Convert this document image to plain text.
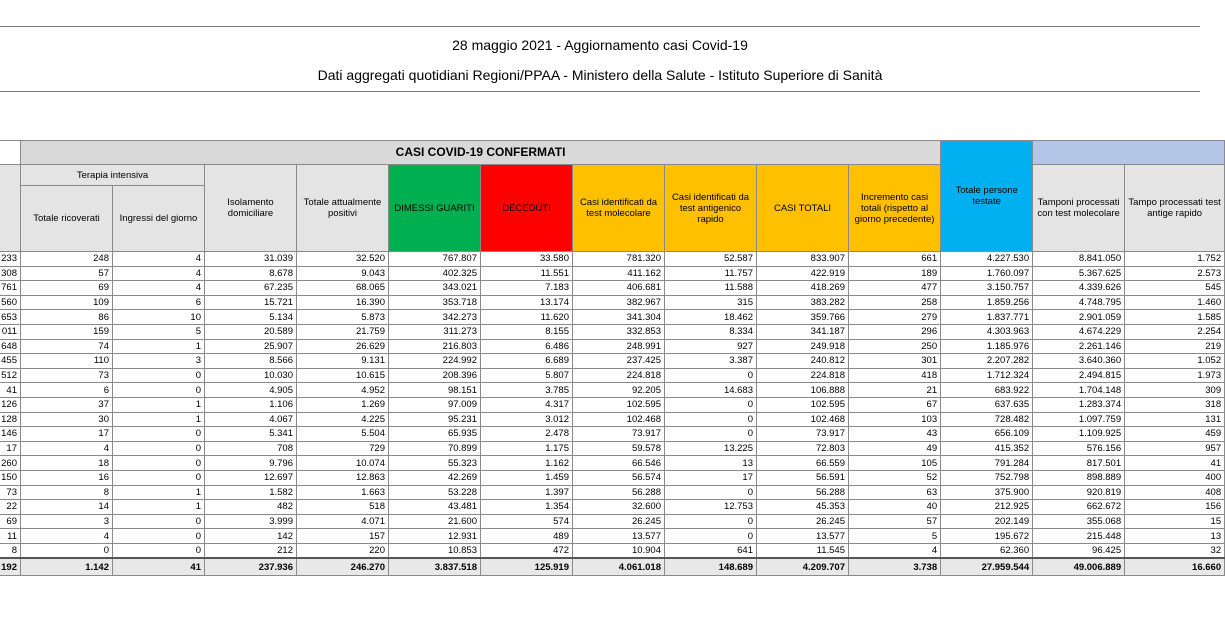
28 maggio 2021 - Aggiornamento casi Covid-19
Dati aggregati quotidiani Regioni/PPAA - Ministero della Salute - Istituto Superiore di Sanità
	CASI COVID-19 CONFERMATI										Totale persone testate		
	Terapia intensiva		Isolamento domiciliare	Totale attualmente positivi	DIMESSI GUARITI	DECEDUTI	Casi identificati da test molecolare	Casi identificati da test antigenico rapido	CASI TOTALI	Incremento casi totali (rispetto al giorno precedente)		Tamponi processati con test molecolare	Tampo processati test antige rapido
	Totale ricoverati	Ingressi del giorno											
233	248	4	31.039	32.520	767.807	33.580	781.320	52.587	833.907	661	4.227.530	8.841.050	1.752
308	57	4	8.678	9.043	402.325	11.551	411.162	11.757	422.919	189	1.760.097	5.367.625	2.573
761	69	4	67.235	68.065	343.021	7.183	406.681	11.588	418.269	477	3.150.757	4.339.626	545
560	109	6	15.721	16.390	353.718	13.174	382.967	315	383.282	258	1.859.256	4.748.795	1.460
653	86	10	5.134	5.873	342.273	11.620	341.304	18.462	359.766	279	1.837.771	2.901.059	1.585
011	159	5	20.589	21.759	311.273	8.155	332.853	8.334	341.187	296	4.303.963	4.674.229	2.254
648	74	1	25.907	26.629	216.803	6.486	248.991	927	249.918	250	1.185.976	2.261.146	219
455	110	3	8.566	9.131	224.992	6.689	237.425	3.387	240.812	301	2.207.282	3.640.360	1.052
512	73	0	10.030	10.615	208.396	5.807	224.818	0	224.818	418	1.712.324	2.494.815	1.973
41	6	0	4.905	4.952	98.151	3.785	92.205	14.683	106.888	21	683.922	1.704.148	309
126	37	1	1.106	1.269	97.009	4.317	102.595	0	102.595	67	637.635	1.283.374	318
128	30	1	4.067	4.225	95.231	3.012	102.468	0	102.468	103	728.482	1.097.759	131
146	17	0	5.341	5.504	65.935	2.478	73.917	0	73.917	43	656.109	1.109.925	459
17	4	0	708	729	70.899	1.175	59.578	13.225	72.803	49	415.352	576.156	957
260	18	0	9.796	10.074	55.323	1.162	66.546	13	66.559	105	791.284	817.501	41
150	16	0	12.697	12.863	42.269	1.459	56.574	17	56.591	52	752.798	898.889	400
73	8	1	1.582	1.663	53.228	1.397	56.288	0	56.288	63	375.900	920.819	408
22	14	1	482	518	43.481	1.354	32.600	12.753	45.353	40	212.925	662.672	156
69	3	0	3.999	4.071	21.600	574	26.245	0	26.245	57	202.149	355.068	15
11	4	0	142	157	12.931	489	13.577	0	13.577	5	195.672	215.448	13
8	0	0	212	220	10.853	472	10.904	641	11.545	4	62.360	96.425	32
192	1.142	41	237.936	246.270	3.837.518	125.919	4.061.018	148.689	4.209.707	3.738	27.959.544	49.006.889	16.660
